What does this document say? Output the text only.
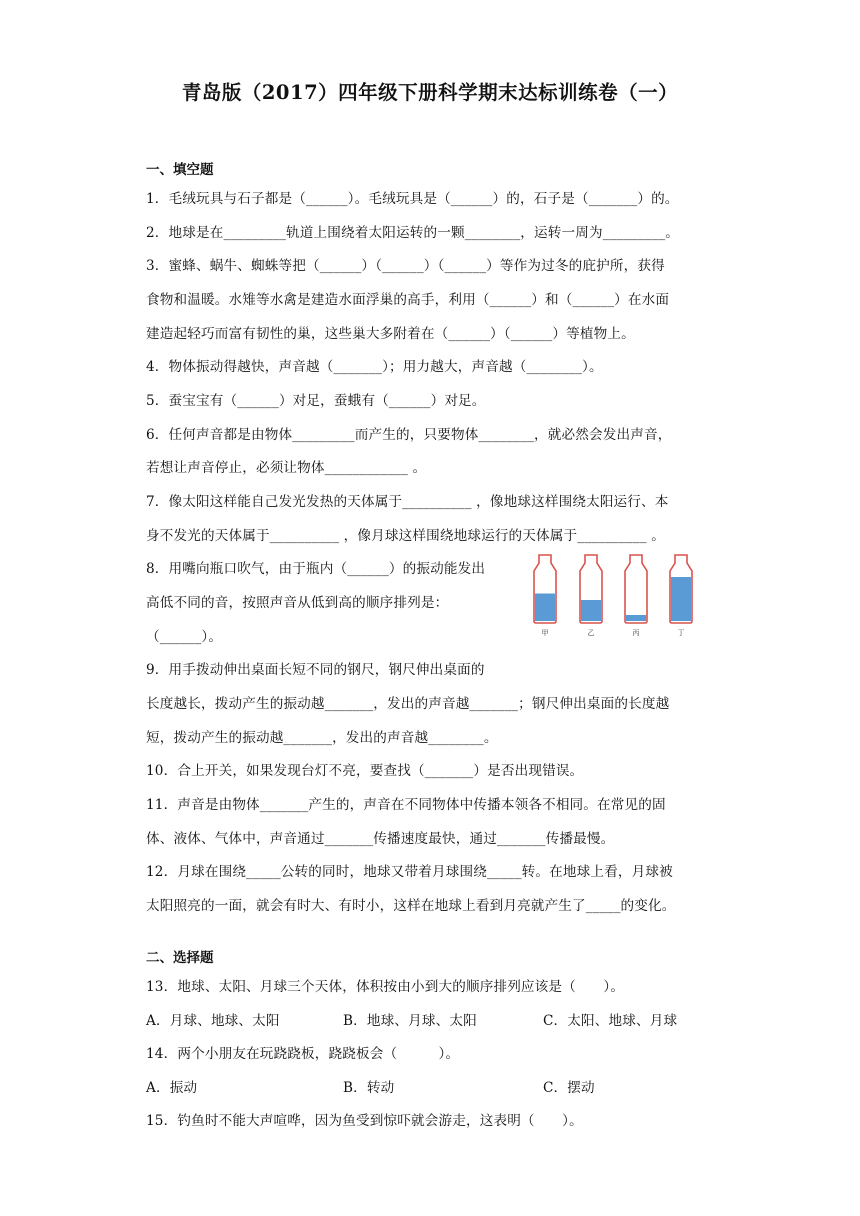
青岛版（2017）四年级下册科学期末达标训练卷（一）
一、填空题
1．毛绒玩具与石子都是（______）。毛绒玩具是（______）的，石子是（_______）的。
2．地球是在_________轨道上围绕着太阳运转的一颗________，运转一周为_________。
3．蜜蜂、蜗牛、蜘蛛等把（______）（______）（______）等作为过冬的庇护所，获得
食物和温暖。水雉等水禽是建造水面浮巢的高手，利用（______）和（______）在水面
建造起轻巧而富有韧性的巢，这些巢大多附着在（______）（______）等植物上。
4．物体振动得越快，声音越（_______）；用力越大，声音越（________）。
5．蚕宝宝有（______）对足，蚕蛾有（______）对足。
6．任何声音都是由物体_________而产生的，只要物体________，就必然会发出声音，
若想让声音停止，必须让物体____________ 。
7．像太阳这样能自己发光发热的天体属于__________ ，像地球这样围绕太阳运行、本
身不发光的天体属于__________ ，像月球这样围绕地球运行的天体属于__________ 。
8．用嘴向瓶口吹气，由于瓶内（______）的振动能发出
高低不同的音，按照声音从低到高的顺序排列是：
（______）。	甲	乙	丙	丁
9．用手拨动伸出桌面长短不同的钢尺，钢尺伸出桌面的
长度越长，拨动产生的振动越_______，发出的声音越_______；钢尺伸出桌面的长度越
短，拨动产生的振动越_______，发出的声音越________。
10．合上开关，如果发现台灯不亮，要查找（_______）是否出现错误。
11．声音是由物体_______产生的，声音在不同物体中传播本领各不相同。在常见的固
体、液体、气体中，声音通过_______传播速度最快，通过_______传播最慢。
12．月球在围绕_____公转的同时，地球又带着月球围绕_____转。在地球上看，月球被
太阳照亮的一面，就会有时大、有时小，这样在地球上看到月亮就产生了_____的变化。
二、选择题
13．地球、太阳、月球三个天体，体积按由小到大的顺序排列应该是（　　）。
A．月球、地球、太阳	B．地球、月球、太阳	C．太阳、地球、月球
14．两个小朋友在玩跷跷板，跷跷板会（　　　）。
A．振动	B．转动	C．摆动
15．钓鱼时不能大声喧哗，因为鱼受到惊吓就会游走，这表明（　　）。
